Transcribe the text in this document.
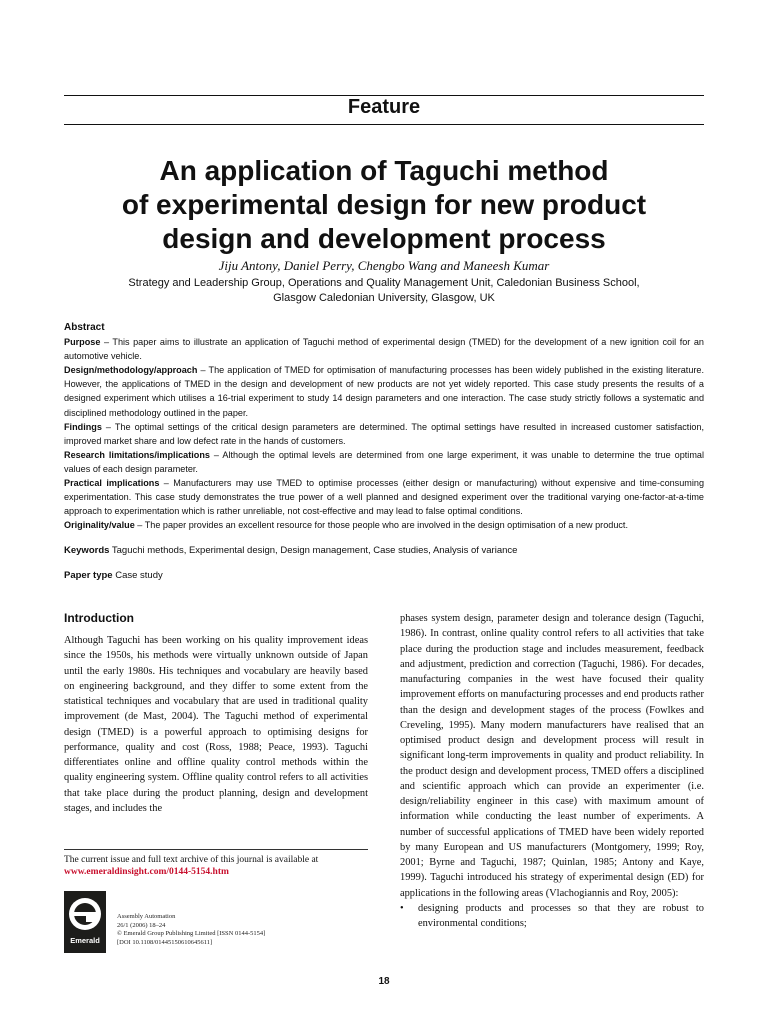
Feature
An application of Taguchi method
of experimental design for new product
design and development process
Jiju Antony, Daniel Perry, Chengbo Wang and Maneesh Kumar
Strategy and Leadership Group, Operations and Quality Management Unit, Caledonian Business School,
Glasgow Caledonian University, Glasgow, UK
Abstract

Purpose – This paper aims to illustrate an application of Taguchi method of experimental design (TMED) for the development of a new ignition coil for an automotive vehicle.

Design/methodology/approach – The application of TMED for optimisation of manufacturing processes has been widely published in the existing literature. However, the applications of TMED in the design and development of new products are not yet widely reported. This case study presents the results of a designed experiment which utilises a 16-trial experiment to study 14 design parameters and one interaction. The case study strictly follows a systematic and disciplined methodology outlined in the paper.

Findings – The optimal settings of the critical design parameters are determined. The optimal settings have resulted in increased customer satisfaction, improved market share and low defect rate in the hands of customers.

Research limitations/implications – Although the optimal levels are determined from one large experiment, it was unable to determine the true optimal values of each design parameter.

Practical implications – Manufacturers may use TMED to optimise processes (either design or manufacturing) without expensive and time-consuming experimentation. This case study demonstrates the true power of a well planned and designed experiment over the traditional varying one-factor-at-a-time approach to experimentation which is rather unreliable, not cost-effective and may lead to false optimal conditions.

Originality/value – The paper provides an excellent resource for those people who are involved in the design optimisation of a new product.

Keywords Taguchi methods, Experimental design, Design management, Case studies, Analysis of variance
Paper type Case study
Introduction

Although Taguchi has been working on his quality improvement ideas since the 1950s, his methods were virtually unknown outside of Japan until the early 1980s. His techniques and vocabulary are heavily based on engineering background, and they differ to some extent from the statistical techniques and vocabulary that are used in traditional quality improvement (de Mast, 2004). The Taguchi method of experimental design (TMED) is a powerful approach to optimising designs for performance, quality and cost (Ross, 1988; Peace, 1993). Taguchi differentiates online and offline quality control methods within the quality engineering system. Offline quality control refers to all activities that take place during the product planning, design and development stages, and includes the

phases system design, parameter design and tolerance design (Taguchi, 1986). In contrast, online quality control refers to all activities that take place during the production stage and includes measurement, feedback and adjustment, prediction and correction (Taguchi, 1986). For decades, manufacturing companies in the west have focused their quality improvement efforts on manufacturing processes and end products rather than the design and development stages of the process (Fowlkes and Creveling, 1995). Many modern manufacturers have realised that an optimised product design and development process will result in significant long-term improvements in quality and product reliability. In the product design and development process, TMED offers a disciplined and scientific approach which can provide an experimenter (i.e. design/reliability engineer in this case) with maximum amount of information while conducting the least number of experiments. A number of successful applications of TMED have been widely reported by many European and US manufacturers (Montgomery, 1999; Roy, 2001; Byrne and Taguchi, 1987; Quinlan, 1985; Antony and Kaye, 1999). Taguchi introduced his strategy of experimental design (ED) for applications in the following areas (Vlachogiannis and Roy, 2005):
• designing products and processes so that they are robust to environmental conditions;
The current issue and full text archive of this journal is available at
www.emeraldinsight.com/0144-5154.htm
Emerald
Assembly Automation
26/1 (2006) 18–24
© Emerald Group Publishing Limited [ISSN 0144-5154]
[DOI 10.1108/01445150610645611]
18
